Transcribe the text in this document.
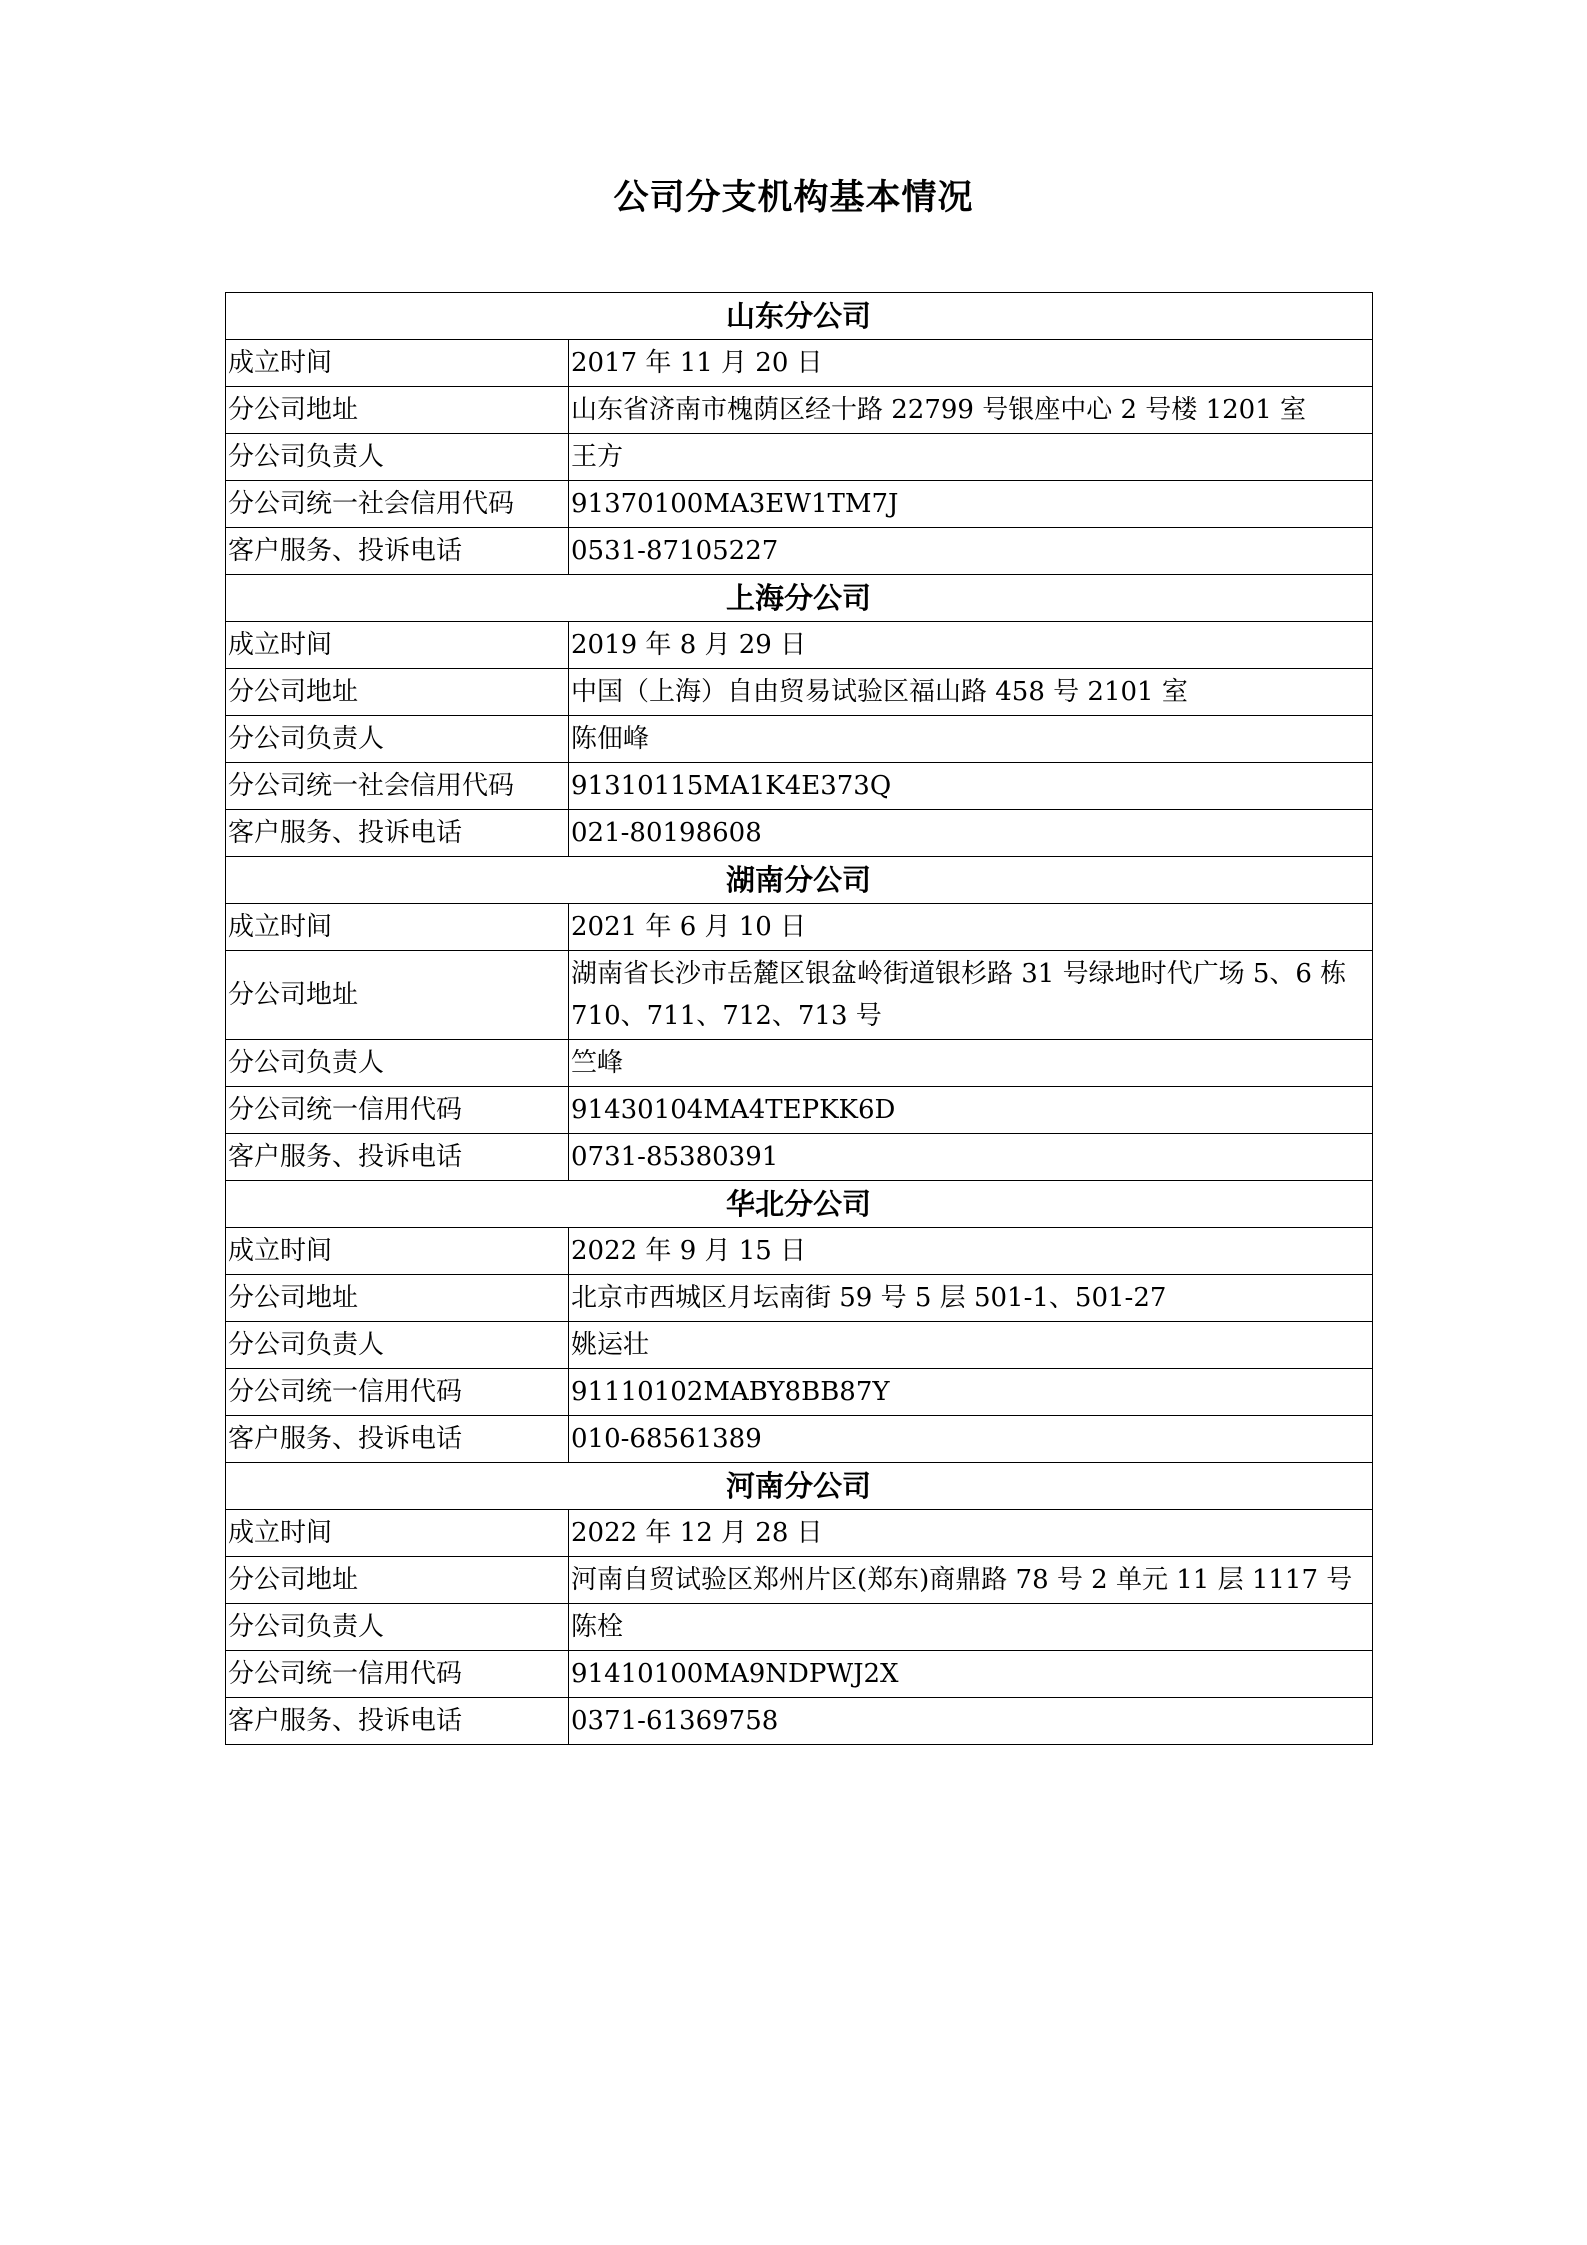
公司分支机构基本情况
山东分公司	
成立时间	2017 年 11 月 20 日
分公司地址	山东省济南市槐荫区经十路 22799 号银座中心 2 号楼 1201 室
分公司负责人	王方
分公司统一社会信用代码	91370100MA3EW1TM7J
客户服务、投诉电话	0531-87105227
上海分公司	
成立时间	2019 年 8 月 29 日
分公司地址	中国（上海）自由贸易试验区福山路 458 号 2101 室
分公司负责人	陈佃峰
分公司统一社会信用代码	91310115MA1K4E373Q
客户服务、投诉电话	021-80198608
湖南分公司	
成立时间	2021 年 6 月 10 日
分公司地址	湖南省长沙市岳麓区银盆岭街道银杉路 31 号绿地时代广场 5、6 栋 710、711、712、713 号
分公司负责人	竺峰
分公司统一信用代码	91430104MA4TEPKK6D
客户服务、投诉电话	0731-85380391
华北分公司	
成立时间	2022 年 9 月 15 日
分公司地址	北京市西城区月坛南街 59 号 5 层 501-1、501-27
分公司负责人	姚运壮
分公司统一信用代码	91110102MABY8BB87Y
客户服务、投诉电话	010-68561389
河南分公司	
成立时间	2022 年 12 月 28 日
分公司地址	河南自贸试验区郑州片区(郑东)商鼎路 78 号 2 单元 11 层 1117 号
分公司负责人	陈栓
分公司统一信用代码	91410100MA9NDPWJ2X
客户服务、投诉电话	0371-61369758
